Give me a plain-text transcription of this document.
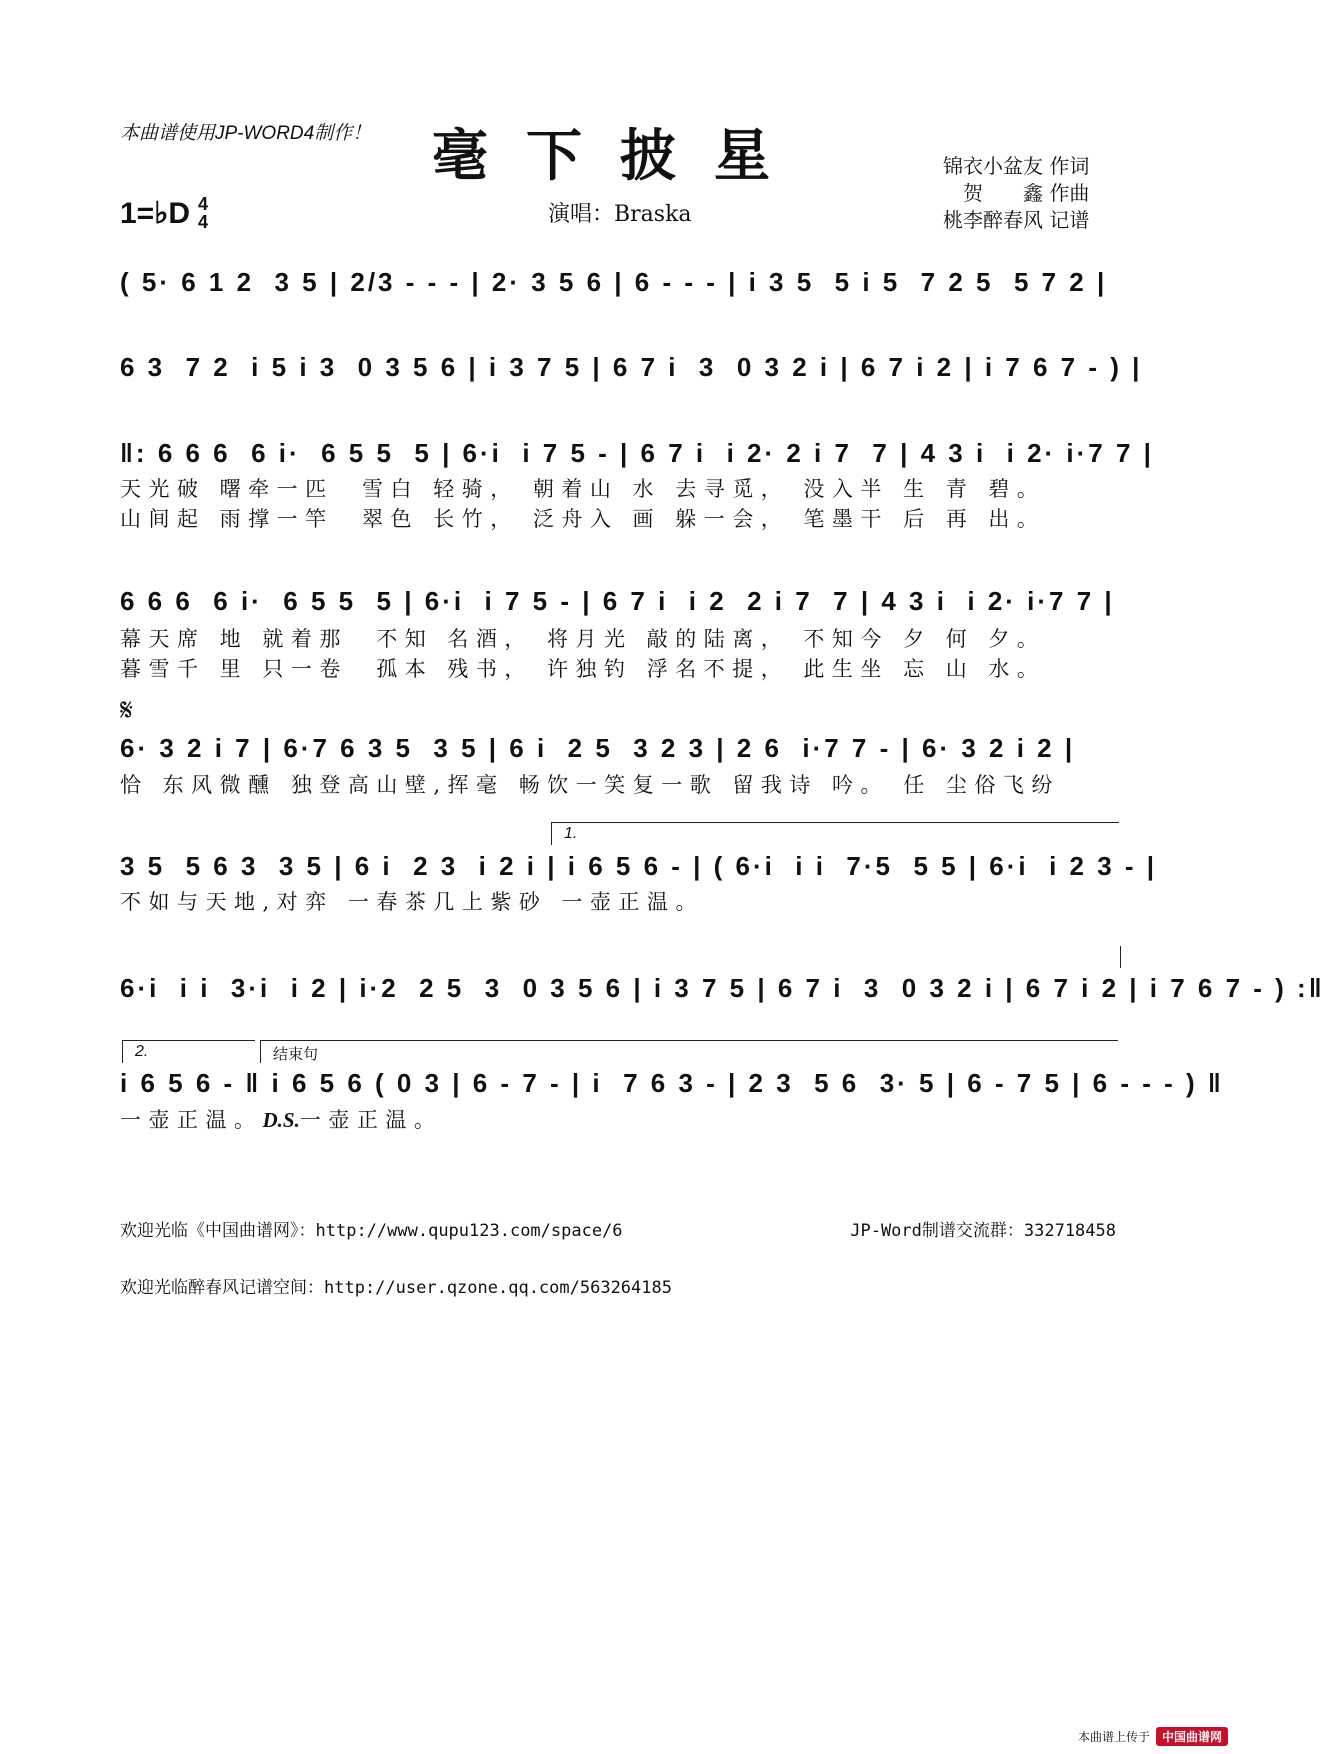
本曲谱使用JP-WORD4制作！	毫下披星
演唱：Braska
锦衣小盆友 作词
贺　　鑫 作曲
桃李醉春风 记谱
1=♭D 4
4
( 5· 6 1 2  3 5 | 2/3 - - - | 2· 3 5 6 | 6 - - - | i 3 5  5 i 5  7 2 5  5 7 2 |
6 3  7 2  i 5 i 3  0 3 5 6 | i 3 7 5 | 6 7 i  3  0 3 2 i | 6 7 i 2 | i 7 6 7 - ) |
‖: 6 6 6  6 i·  6 5 5  5 | 6·i  i 7 5 - | 6 7 i  i 2· 2 i 7  7 | 4 3 i  i 2· i·7 7 |
天光破 曙牵一匹  雪白 轻骑， 朝着山 水 去寻觅， 没入半 生 青 碧。
山间起 雨撑一竿  翠色 长竹， 泛舟入 画 躲一会， 笔墨干 后 再 出。
6 6 6  6 i·  6 5 5  5 | 6·i  i 7 5 - | 6 7 i  i 2  2 i 7  7 | 4 3 i  i 2· i·7 7 |
幕天席 地 就着那  不知 名酒， 将月光 敲的陆离， 不知今 夕 何 夕。
暮雪千 里 只一卷  孤本 残书， 许独钓 浮名不提， 此生坐 忘 山 水。
𝄋
6· 3 2 i 7 | 6·7 6 3 5  3 5 | 6 i  2 5  3 2 3 | 2 6  i·7 7 - | 6· 3 2 i 2 |
恰 东风微醺 独登高山壁,挥毫 畅饮一笑复一歌 留我诗 吟。 任 尘俗飞纷
1.
3 5  5 6 3  3 5 | 6 i  2 3  i 2 i | i 6 5 6 - | ( 6·i  i i  7·5  5 5 | 6·i  i 2 3 - |
不如与天地,对弈 一春茶几上紫砂 一壶正温。
6·i  i i  3·i  i 2 | i·2  2 5  3  0 3 5 6 | i 3 7 5 | 6 7 i  3  0 3 2 i | 6 7 i 2 | i 7 6 7 - ) :‖
2.	结束句
i 6 5 6 - ‖ i 6 5 6 ( 0 3 | 6 - 7 - | i  7 6 3 - | 2 3  5 6  3· 5 | 6 - 7 5 | 6 - - - ) ‖
一壶正温。D.S.一壶正温。
欢迎光临《中国曲谱网》：http://www.qupu123.com/space/6	JP-Word制谱交流群：332718458
欢迎光临醉春风记谱空间：http://user.qzone.qq.com/563264185
本曲谱上传于	中国曲谱网
